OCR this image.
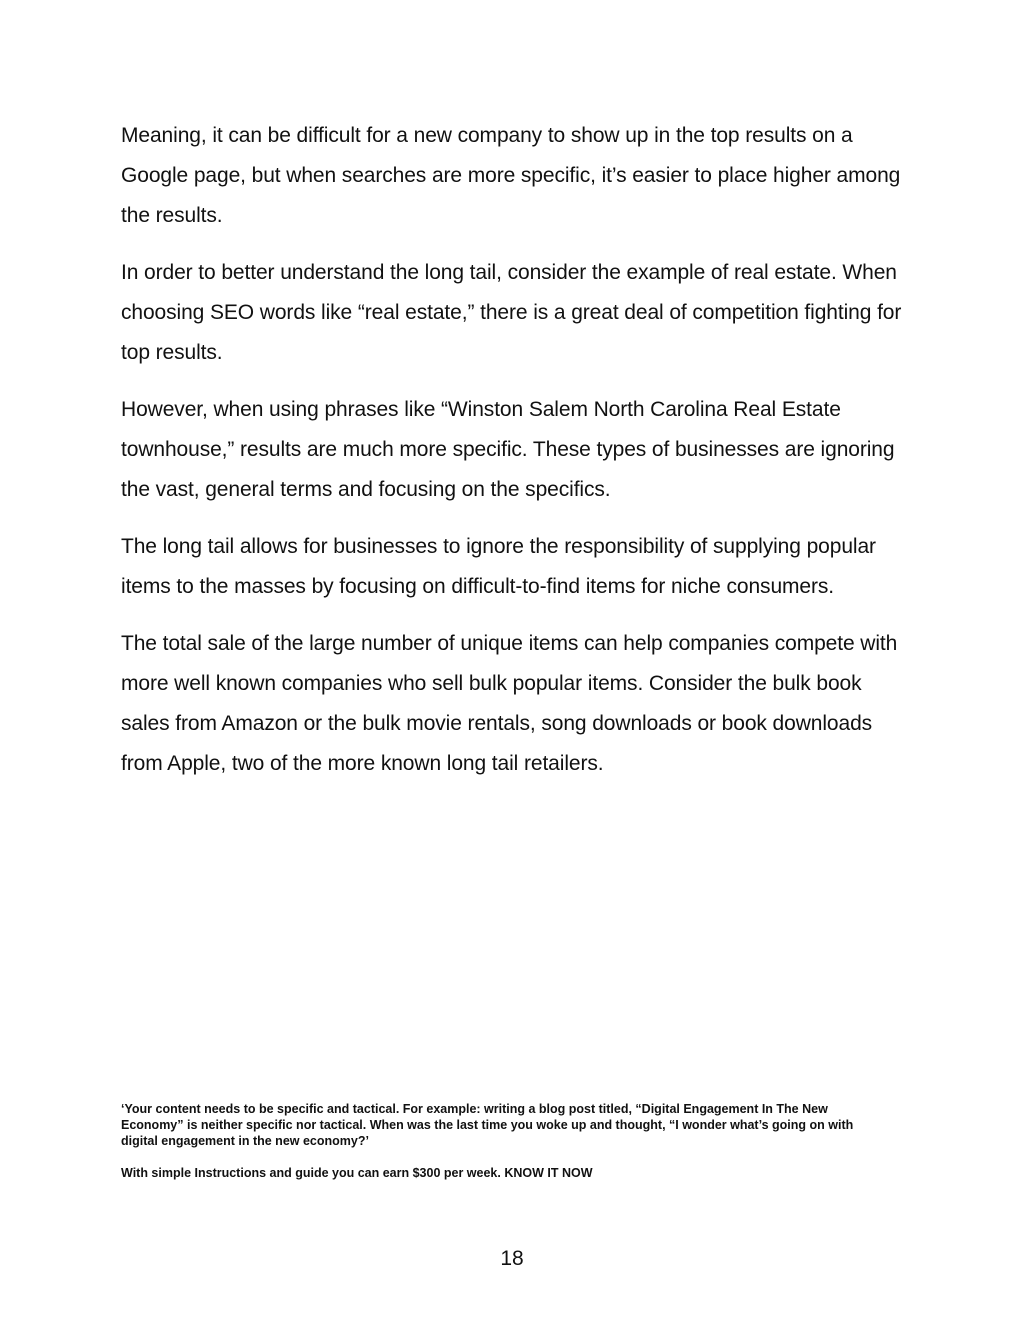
Meaning, it can be difficult for a new company to show up in the top results on a Google page, but when searches are more specific, it’s easier to place higher among the results.

In order to better understand the long tail, consider the example of real estate. When choosing SEO words like “real estate,” there is a great deal of competition fighting for top results.

However, when using phrases like “Winston Salem North Carolina Real Estate townhouse,” results are much more specific. These types of businesses are ignoring the vast, general terms and focusing on the specifics.

The long tail allows for businesses to ignore the responsibility of supplying popular items to the masses by focusing on difficult-to-find items for niche consumers.

The total sale of the large number of unique items can help companies compete with more well known companies who sell bulk popular items. Consider the bulk book sales from Amazon or the bulk movie rentals, song downloads or book downloads from Apple, two of the more known long tail retailers.

‘Your content needs to be specific and tactical. For example: writing a blog post titled, “Digital Engagement In The New Economy” is neither specific nor tactical. When was the last time you woke up and thought, “I wonder what’s going on with digital engagement in the new economy?’

With simple Instructions and guide you can earn $300 per week. KNOW IT NOW

18
